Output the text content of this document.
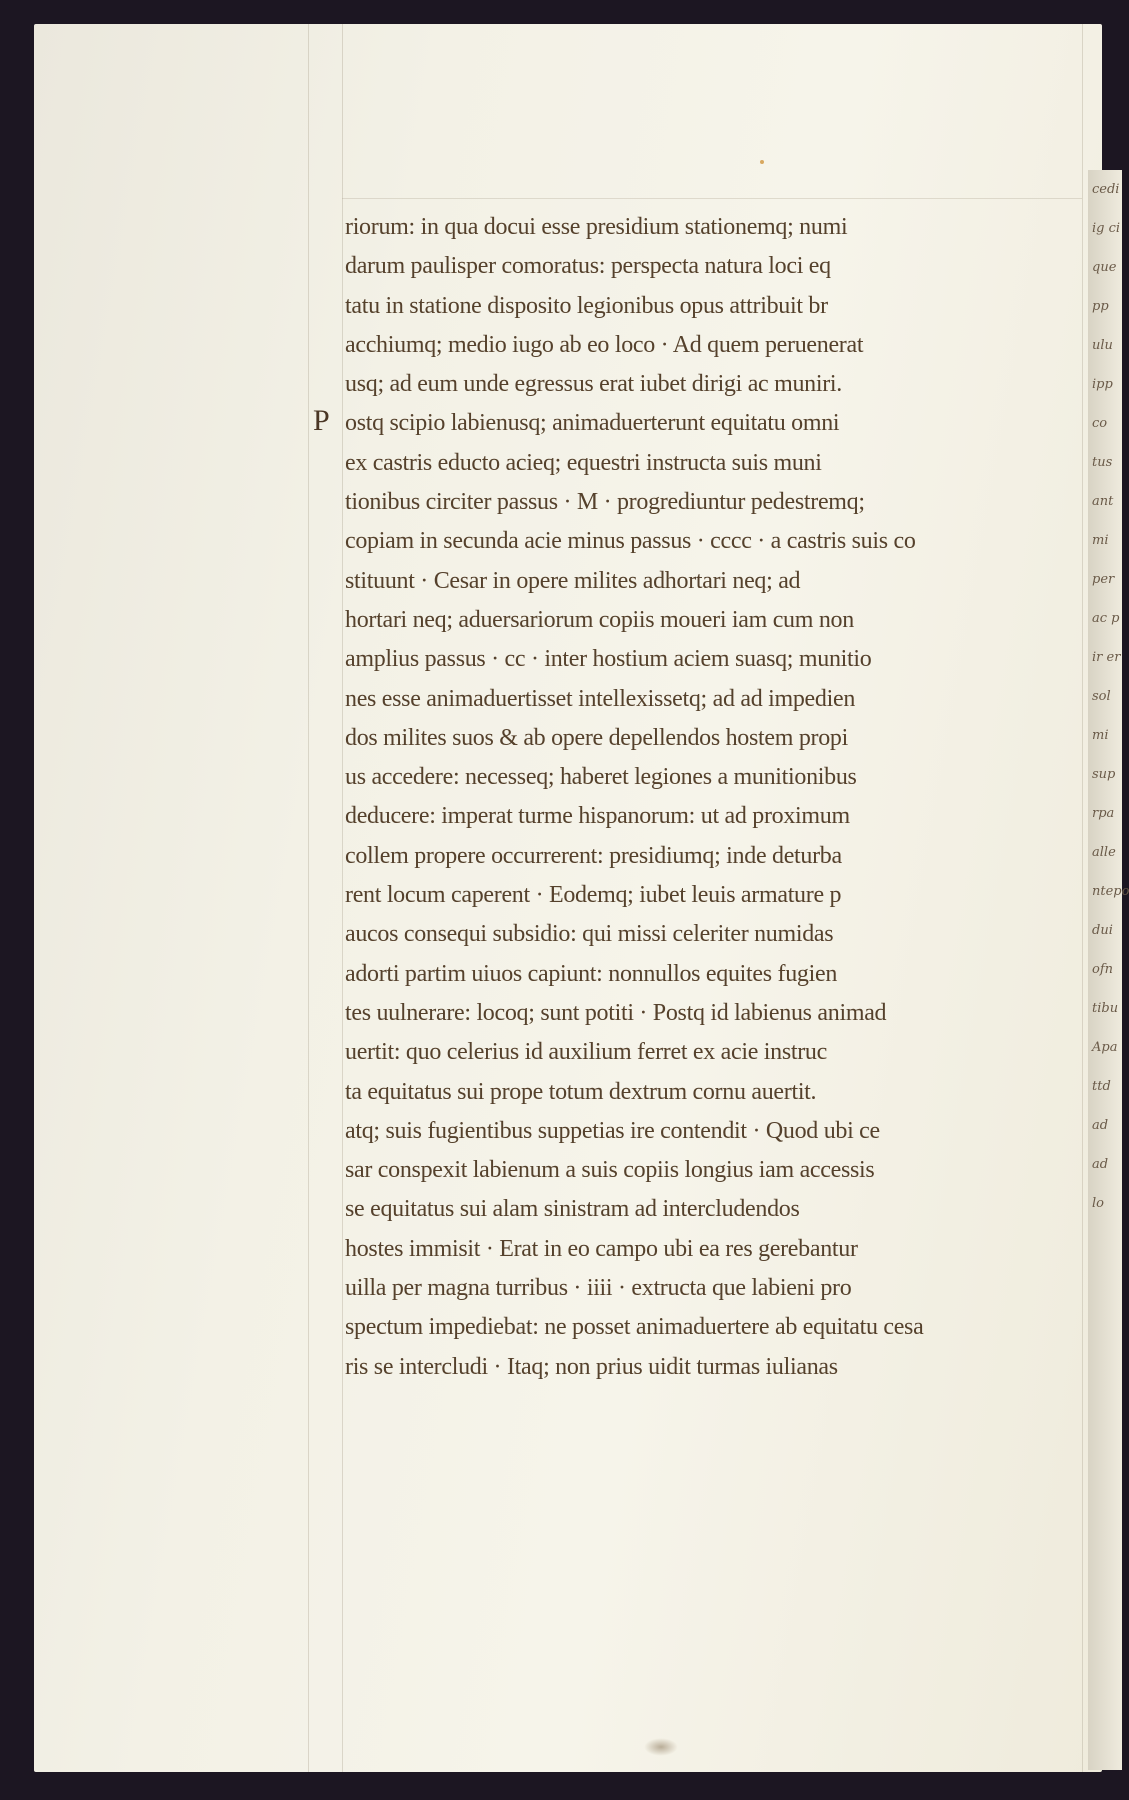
cedi
ig ci
que
pp
ulu
ipp
co
tus
ant
mi
per
ac p
ir er
sol
mi
sup
rpa
alle
ntepo
dui
ofn
tibu
Apa
ttd
ad
ad
lo
P
riorum: in qua docui esse presidium stationemq; numi
darum paulisper comoratus: perspecta natura loci eq
tatu in statione disposito legionibus opus attribuit br
acchiumq; medio iugo ab eo loco · Ad quem peruenerat
usq; ad eum unde egressus erat iubet dirigi ac muniri.
ostq scipio labienusq; animaduerterunt equitatu omni
ex castris educto acieq; equestri instructa suis muni
tionibus circiter passus · M · progrediuntur pedestremq;
copiam in secunda acie minus passus · cccc · a castris suis co
stituunt · Cesar in opere milites adhortari neq; ad
hortari neq; aduersariorum copiis moueri iam cum non
amplius passus · cc · inter hostium aciem suasq; munitio
nes esse animaduertisset intellexissetq; ad ad impedien
dos milites suos & ab opere depellendos hostem propi
us accedere: necesseq; haberet legiones a munitionibus
deducere: imperat turme hispanorum: ut ad proximum
collem propere occurrerent: presidiumq; inde deturba
rent locum caperent · Eodemq; iubet leuis armature p
aucos consequi subsidio: qui missi celeriter numidas
adorti partim uiuos capiunt: nonnullos equites fugien
tes uulnerare: locoq; sunt potiti · Postq id labienus animad
uertit: quo celerius id auxilium ferret ex acie instruc
ta equitatus sui prope totum dextrum cornu auertit.
atq; suis fugientibus suppetias ire contendit · Quod ubi ce
sar conspexit labienum a suis copiis longius iam accessis
se equitatus sui alam sinistram ad intercludendos
hostes immisit · Erat in eo campo ubi ea res gerebantur
uilla per magna turribus · iiii · extructa que labieni pro
spectum impediebat: ne posset animaduertere ab equitatu cesa
ris se intercludi · Itaq; non prius uidit turmas iulianas
